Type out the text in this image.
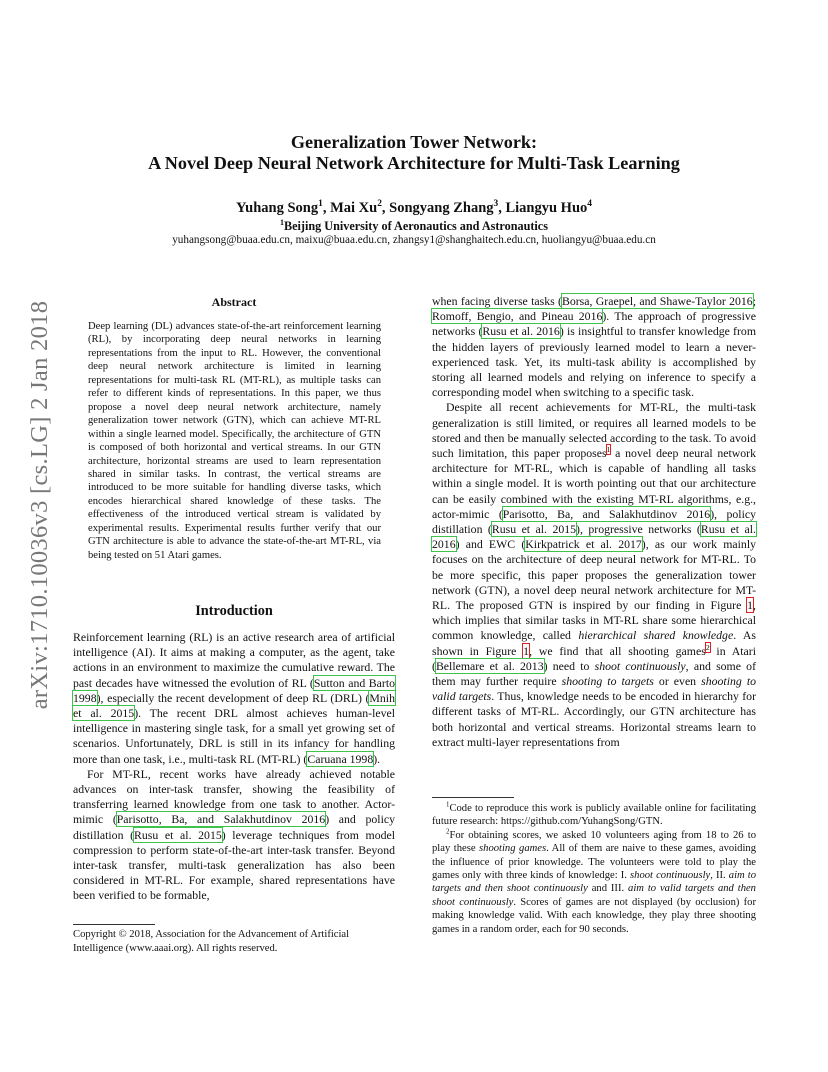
arXiv:1710.10036v3 [cs.LG] 2 Jan 2018
Generalization Tower Network:
A Novel Deep Neural Network Architecture for Multi-Task Learning
Yuhang Song$^1$, Mai Xu$^2$, Songyang Zhang$^3$, Liangyu Huo$^4$
$^1$Beijing University of Aeronautics and Astronautics
yuhangsong@buaa.edu.cn, maixu@buaa.edu.cn, zhangsy1@shanghaitech.edu.cn, huoliangyu@buaa.edu.cn
Abstract
Deep learning (DL) advances state-of-the-art reinforcement learning (RL), by incorporating deep neural networks in learning representations from the input to RL. However, the conventional deep neural network architecture is limited in learning representations for multi-task RL (MT-RL), as multiple tasks can refer to different kinds of representations. In this paper, we thus propose a novel deep neural network architecture, namely generalization tower network (GTN), which can achieve MT-RL within a single learned model. Specifically, the architecture of GTN is composed of both horizontal and vertical streams. In our GTN architecture, horizontal streams are used to learn representation shared in similar tasks. In contrast, the vertical streams are introduced to be more suitable for handling diverse tasks, which encodes hierarchical shared knowledge of these tasks. The effectiveness of the introduced vertical stream is validated by experimental results. Experimental results further verify that our GTN architecture is able to advance the state-of-the-art MT-RL, via being tested on 51 Atari games.
Introduction

Reinforcement learning (RL) is an active research area of artificial intelligence (AI). It aims at making a computer, as the agent, take actions in an environment to maximize the cumulative reward. The past decades have witnessed the evolution of RL (Sutton and Barto 1998), especially the recent development of deep RL (DRL) (Mnih et al. 2015). The recent DRL almost achieves human-level intelligence in mastering single task, for a small yet growing set of scenarios. Unfortunately, DRL is still in its infancy for handling more than one task, i.e., multi-task RL (MT-RL) (Caruana 1998).

For MT-RL, recent works have already achieved notable advances on inter-task transfer, showing the feasibility of transferring learned knowledge from one task to another. Actor-mimic (Parisotto, Ba, and Salakhutdinov 2016) and policy distillation (Rusu et al. 2015) leverage techniques from model compression to perform state-of-the-art inter-task transfer. Beyond inter-task transfer, multi-task generalization has also been considered in MT-RL. For example, shared representations have been verified to be formable,

Copyright © 2018, Association for the Advancement of Artificial Intelligence (www.aaai.org). All rights reserved.

when facing diverse tasks (Borsa, Graepel, and Shawe-Taylor 2016; Romoff, Bengio, and Pineau 2016). The approach of progressive networks (Rusu et al. 2016) is insightful to transfer knowledge from the hidden layers of previously learned model to learn a never-experienced task. Yet, its multi-task ability is accomplished by storing all learned models and relying on inference to specify a corresponding model when switching to a specific task.

Despite all recent achievements for MT-RL, the multi-task generalization is still limited, or requires all learned models to be stored and then be manually selected according to the task. To avoid such limitation, this paper proposes$^1$ a novel deep neural network architecture for MT-RL, which is capable of handling all tasks within a single model. It is worth pointing out that our architecture can be easily combined with the existing MT-RL algorithms, e.g., actor-mimic (Parisotto, Ba, and Salakhutdinov 2016), policy distillation (Rusu et al. 2015), progressive networks (Rusu et al. 2016) and EWC (Kirkpatrick et al. 2017), as our work mainly focuses on the architecture of deep neural network for MT-RL. To be more specific, this paper proposes the generalization tower network (GTN), a novel deep neural network architecture for MT-RL. The proposed GTN is inspired by our finding in Figure 1, which implies that similar tasks in MT-RL share some hierarchical common knowledge, called hierarchical shared knowledge. As shown in Figure 1, we find that all shooting games$^2$ in Atari (Bellemare et al. 2013) need to shoot continuously, and some of them may further require shooting to targets or even shooting to valid targets. Thus, knowledge needs to be encoded in hierarchy for different tasks of MT-RL. Accordingly, our GTN architecture has both horizontal and vertical streams. Horizontal streams learn to extract multi-layer representations from

$^1$Code to reproduce this work is publicly available online for facilitating future research: https://github.com/YuhangSong/GTN.

$^2$For obtaining scores, we asked 10 volunteers aging from 18 to 26 to play these shooting games. All of them are naive to these games, avoiding the influence of prior knowledge. The volunteers were told to play the games only with three kinds of knowledge: I. shoot continuously, II. aim to targets and then shoot continuously and III. aim to valid targets and then shoot continuously. Scores of games are not displayed (by occlusion) for making knowledge valid. With each knowledge, they play three shooting games in a random order, each for 90 seconds.
